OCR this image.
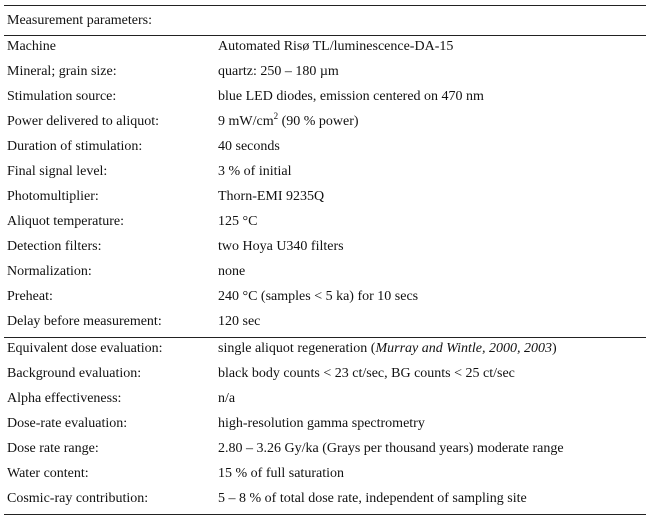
Measurement parameters:
Machine	Automated Risø TL/luminescence-DA-15
Mineral; grain size:	quartz: 250 – 180 µm
Stimulation source:	blue LED diodes, emission centered on 470 nm
Power delivered to aliquot:	9 $mW/cm^2$ (90 % power)
Duration of stimulation:	40 seconds
Final signal level:	3 % of initial
Photomultiplier:	Thorn-EMI 9235Q
Aliquot temperature:	125 °C
Detection filters:	two Hoya U340 filters
Normalization:	none
Preheat:	240 °C (samples < 5 ka) for 10 secs
Delay before measurement:	120 sec
Equivalent dose evaluation:	single aliquot regeneration (Murray and Wintle, 2000, 2003)
Background evaluation:	black body counts < 23 ct/sec, BG counts < 25 ct/sec
Alpha effectiveness:	n/a
Dose-rate evaluation:	high-resolution gamma spectrometry
Dose rate range:	2.80 – 3.26 Gy/ka (Grays per thousand years) moderate range
Water content:	15 % of full saturation
Cosmic-ray contribution:	5 – 8 % of total dose rate, independent of sampling site
